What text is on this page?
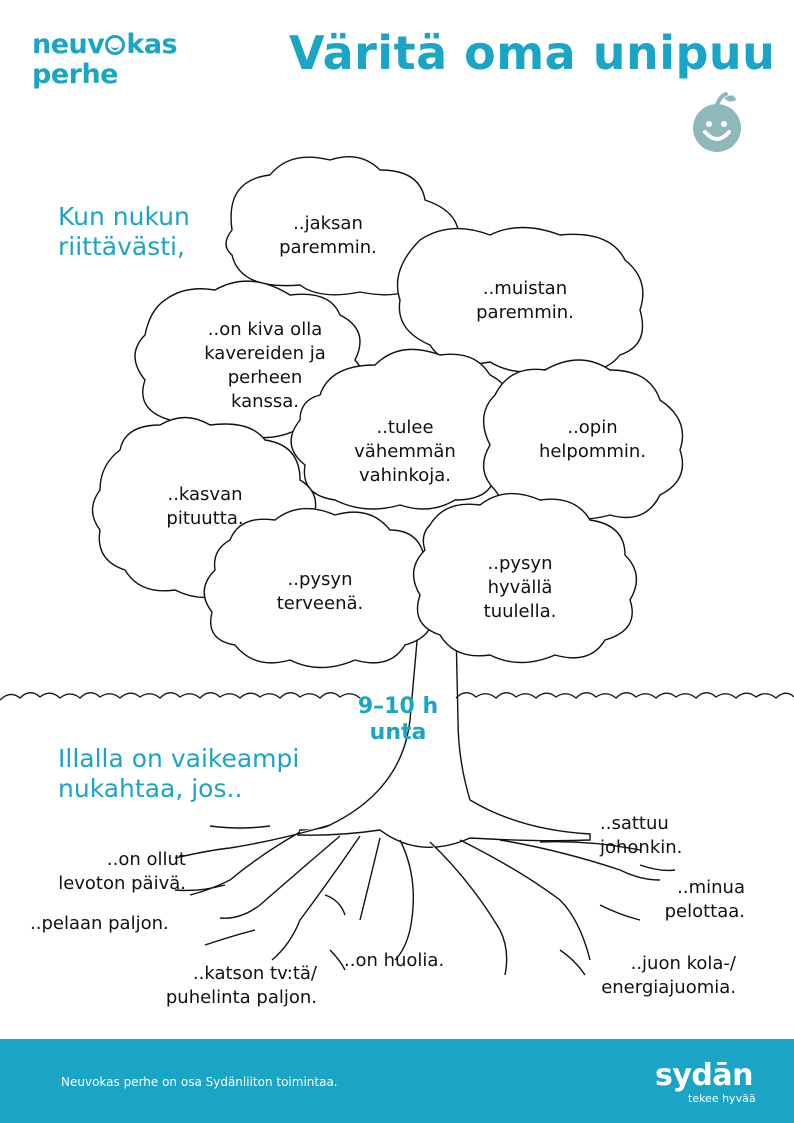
neuv kas
perhe	Väritä oma unipuu
Kun nukun
riittävästi,
..jaksan
paremmin.
..muistan
paremmin.
..on kiva olla
kavereiden ja
perheen
kanssa.
..tulee
vähemmän
vahinkoja.
..opin
helpommin.
..kasvan
pituutta.
..pysyn
terveenä.
..pysyn
hyvällä
tuulella.
9–10 h
unta
Illalla on vaikeampi
nukahtaa, jos..
..on ollut
levoton päivä.
..pelaan paljon.
..katson tv:tä/
puhelinta paljon.
..on huolia.
..sattuu
johonkin.
..minua
pelottaa.
..juon kola-/
energiajuomia.
Neuvokas perhe on osa Sydänliiton toimintaa.	sydān
tekee hyvää
